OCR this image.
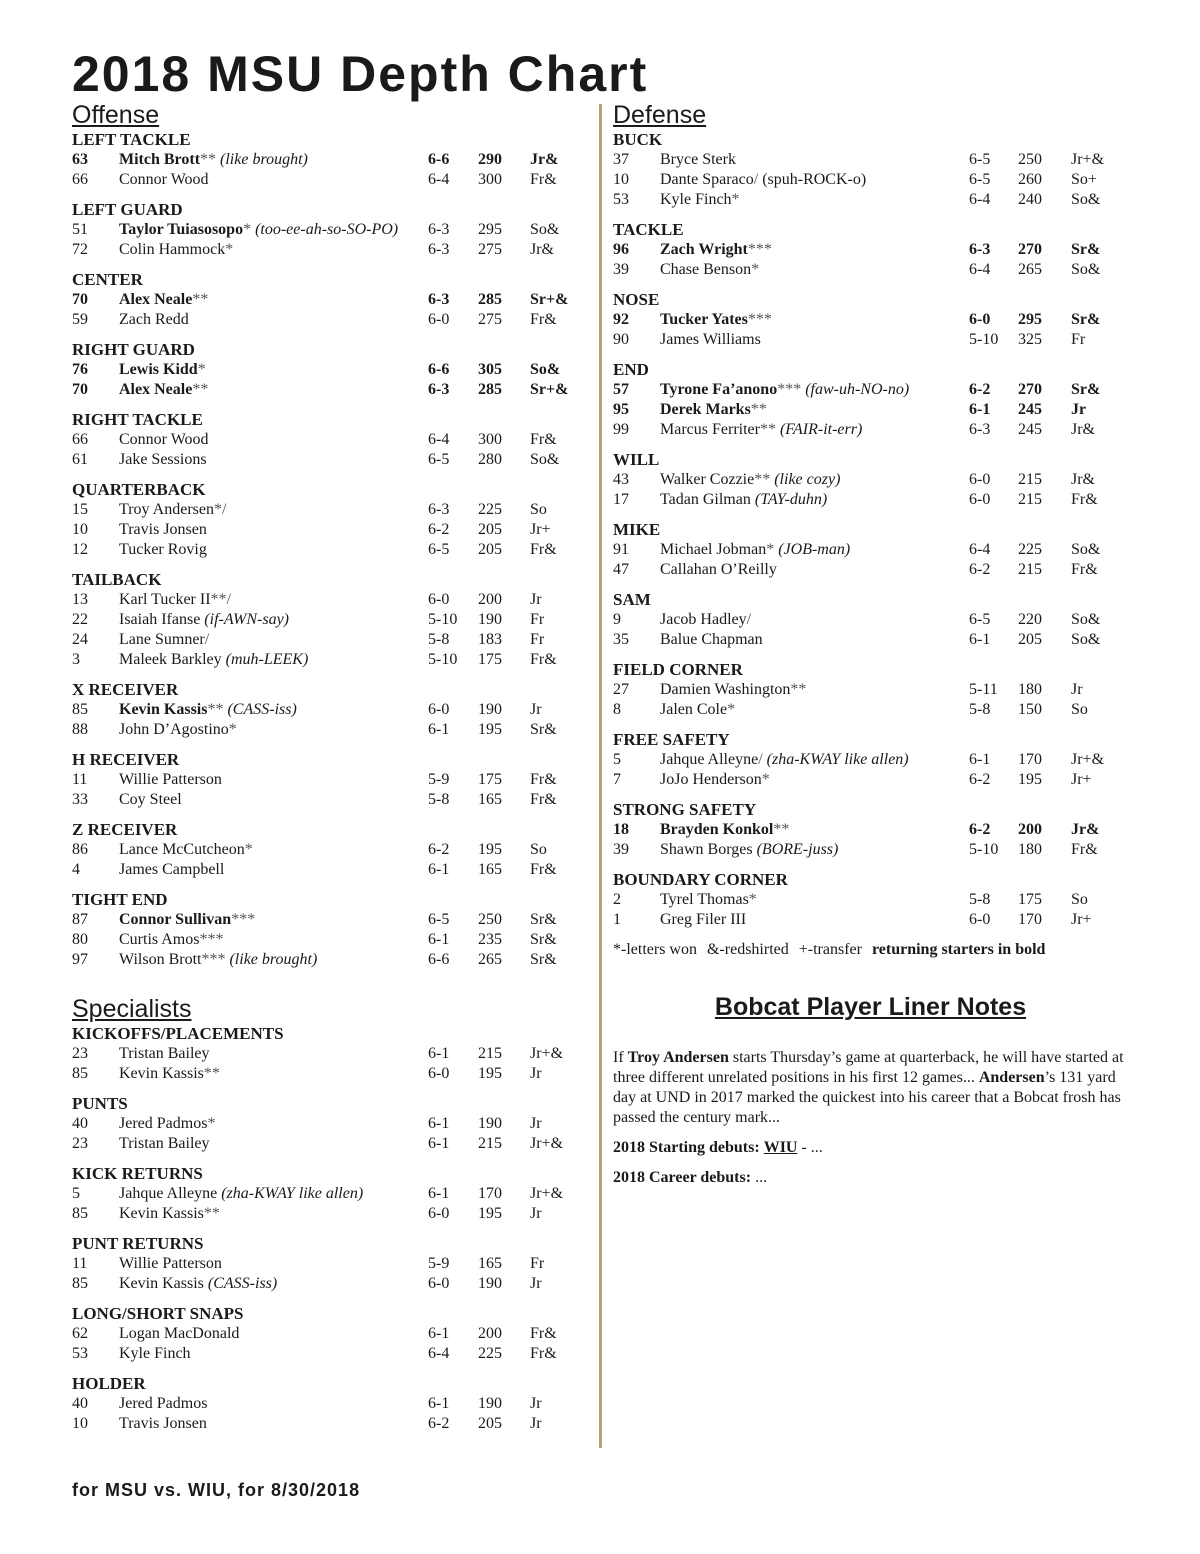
2018 MSU Depth Chart
Offense
LEFT TACKLE
63 Mitch Brott** (like brought)	6-6 290 Jr&
66 Connor Wood	6-4 300 Fr&
LEFT GUARD
51 Taylor Tuiasosopo* (too-ee-ah-so-SO-PO) 6-3 295 So&
72 Colin Hammock*	6-3 275 Jr&
CENTER
70 Alex Neale**	6-3 285 Sr+&
59 Zach Redd	6-0 275 Fr&
RIGHT GUARD
76 Lewis Kidd*	6-6 305 So&
70 Alex Neale**	6-3 285 Sr+&
RIGHT TACKLE
66 Connor Wood	6-4 300 Fr&
61 Jake Sessions	6-5 280 So&
QUARTERBACK
15 Troy Andersen*/	6-3 225 So
10 Travis Jonsen	6-2 205 Jr+
12 Tucker Rovig	6-5 205 Fr&
TAILBACK
13 Karl Tucker II**/	6-0 200 Jr
22 Isaiah Ifanse (if-AWN-say)	5-10 190 Fr
24 Lane Sumner/	5-8 183 Fr
3 Maleek Barkley (muh-LEEK)	5-10 175 Fr&
X RECEIVER
85 Kevin Kassis** (CASS-iss)	6-0 190 Jr
88 John D’Agostino*	6-1 195 Sr&
H RECEIVER
11 Willie Patterson	5-9 175 Fr&
33 Coy Steel	5-8 165 Fr&
Z RECEIVER
86 Lance McCutcheon*	6-2 195 So
4 James Campbell	6-1 165 Fr&
TIGHT END
87 Connor Sullivan***	6-5 250 Sr&
80 Curtis Amos***	6-1 235 Sr&
97 Wilson Brott*** (like brought)	6-6 265 Sr&
Specialists
KICKOFFS/PLACEMENTS
23 Tristan Bailey	6-1 215 Jr+&
85 Kevin Kassis**	6-0 195 Jr
PUNTS
40 Jered Padmos*	6-1 190 Jr
23 Tristan Bailey	6-1 215 Jr+&
KICK RETURNS
5 Jahque Alleyne (zha-KWAY like allen)	6-1 170 Jr+&
85 Kevin Kassis**	6-0 195 Jr
PUNT RETURNS
11 Willie Patterson	5-9 165 Fr
85 Kevin Kassis (CASS-iss)	6-0 190 Jr
LONG/SHORT SNAPS
62 Logan MacDonald	6-1 200 Fr&
53 Kyle Finch	6-4 225 Fr&
HOLDER
40 Jered Padmos	6-1 190 Jr
10 Travis Jonsen	6-2 205 Jr
Defense
BUCK
37 Bryce Sterk	6-5 250 Jr+&
10 Dante Sparaco/ (spuh-ROCK-o)	6-5 260 So+
53 Kyle Finch*	6-4 240 So&
TACKLE
96 Zach Wright***	6-3 270 Sr&
39 Chase Benson*	6-4 265 So&
NOSE
92 Tucker Yates***	6-0 295 Sr&
90 James Williams	5-10 325 Fr
END
57 Tyrone Fa’anono*** (faw-uh-NO-no)	6-2 270 Sr&
95 Derek Marks**	6-1 245 Jr
99 Marcus Ferriter** (FAIR-it-err)	6-3 245 Jr&
WILL
43 Walker Cozzie** (like cozy)	6-0 215 Jr&
17 Tadan Gilman (TAY-duhn)	6-0 215 Fr&
MIKE
91 Michael Jobman* (JOB-man)	6-4 225 So&
47 Callahan O’Reilly	6-2 215 Fr&
SAM
9 Jacob Hadley/	6-5 220 So&
35 Balue Chapman	6-1 205 So&
FIELD CORNER
27 Damien Washington**	5-11 180 Jr
8 Jalen Cole*	5-8 150 So
FREE SAFETY
5 Jahque Alleyne/ (zha-KWAY like allen)	6-1 170 Jr+&
7 JoJo Henderson*	6-2 195 Jr+
STRONG SAFETY
18 Brayden Konkol**	6-2 200 Jr&
39 Shawn Borges (BORE-juss)	5-10 180 Fr&
BOUNDARY CORNER
2 Tyrel Thomas*	5-8 175 So
1 Greg Filer III	6-0 170 Jr+
*-letters won &-redshirted +-transfer returning starters in bold
Bobcat Player Liner Notes

If Troy Andersen starts Thursday’s game at quarterback, he will have started at three different unrelated positions in his first 12 games... Andersen’s 131 yard day at UND in 2017 marked the quickest into his career that a Bobcat frosh has passed the century mark...

2018 Starting debuts: WIU - ...

2018 Career debuts: ...

for MSU vs. WIU, for 8/30/2018
